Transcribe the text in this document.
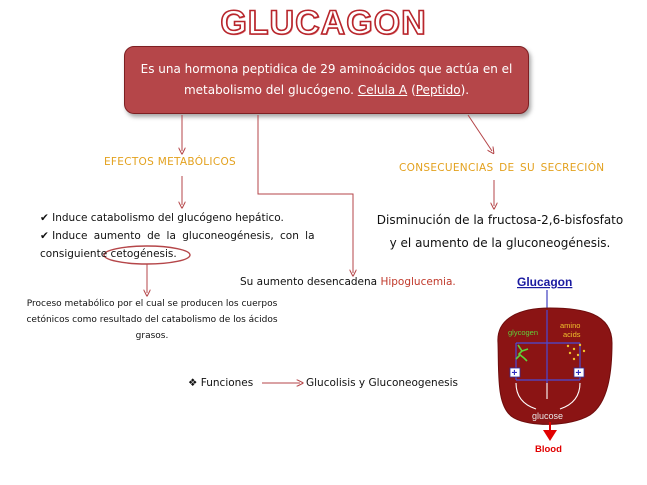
GLUCAGON
Es una hormona peptidica de 29 aminoácidos que actúa en el metabolismo del glucógeno. Celula A (Peptido).
EFECTOS METABÓLICOS
✔ Induce catabolismo del glucógeno hepático.
✔ Induce aumento de la gluconeogénesis, con la consiguiente cetogénesis.
Proceso metabólico por el cual se producen los cuerpos cetónicos como resultado del catabolismo de los ácidos grasos.
Su aumento desencadena Hipoglucemia.
CONSECUENCIAS DE SU SECRECIÓN
Disminución de la fructosa-2,6-bisfosfato
y el aumento de la gluconeogénesis.
❖ Funciones	Glucolisis y Gluconeogenesis
Glucagon
glycogen
amino
acids
+	+
glucose
Blood
